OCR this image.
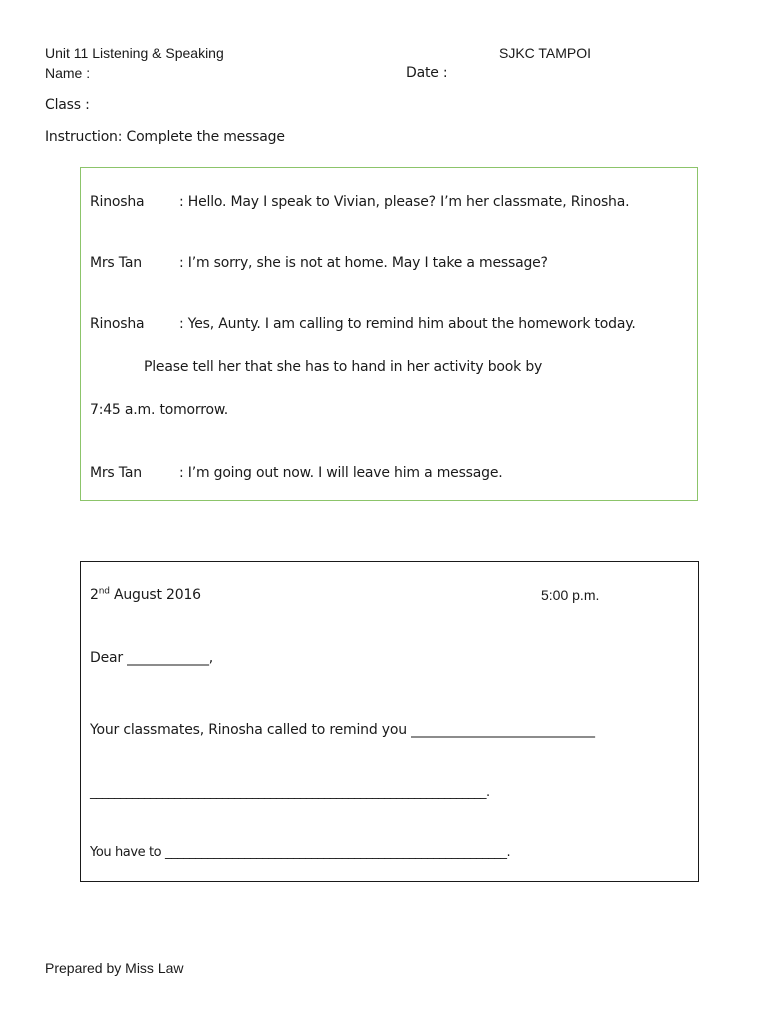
Unit 11 Listening & Speaking	SJKC TAMPOI
Name :	Date :
Class :
Instruction: Complete the message
Rinosha : Hello. May I speak to Vivian, please? I’m her classmate, Rinosha.
Mrs Tan	: I’m sorry, she is not at home. May I take a message?
Rinosha : Yes, Aunty. I am calling to remind him about the homework today.
Please tell her that she has to hand in her activity book by
7:45 a.m. tomorrow.
Mrs Tan	: I’m going out now. I will leave him a message.
2nd August 2016	5:00 p.m.
Dear ____________,
Your classmates, Rinosha called to remind you ___________________________
__________________________________________________________________.
You have to ________________________________________________________.
Prepared by Miss Law
